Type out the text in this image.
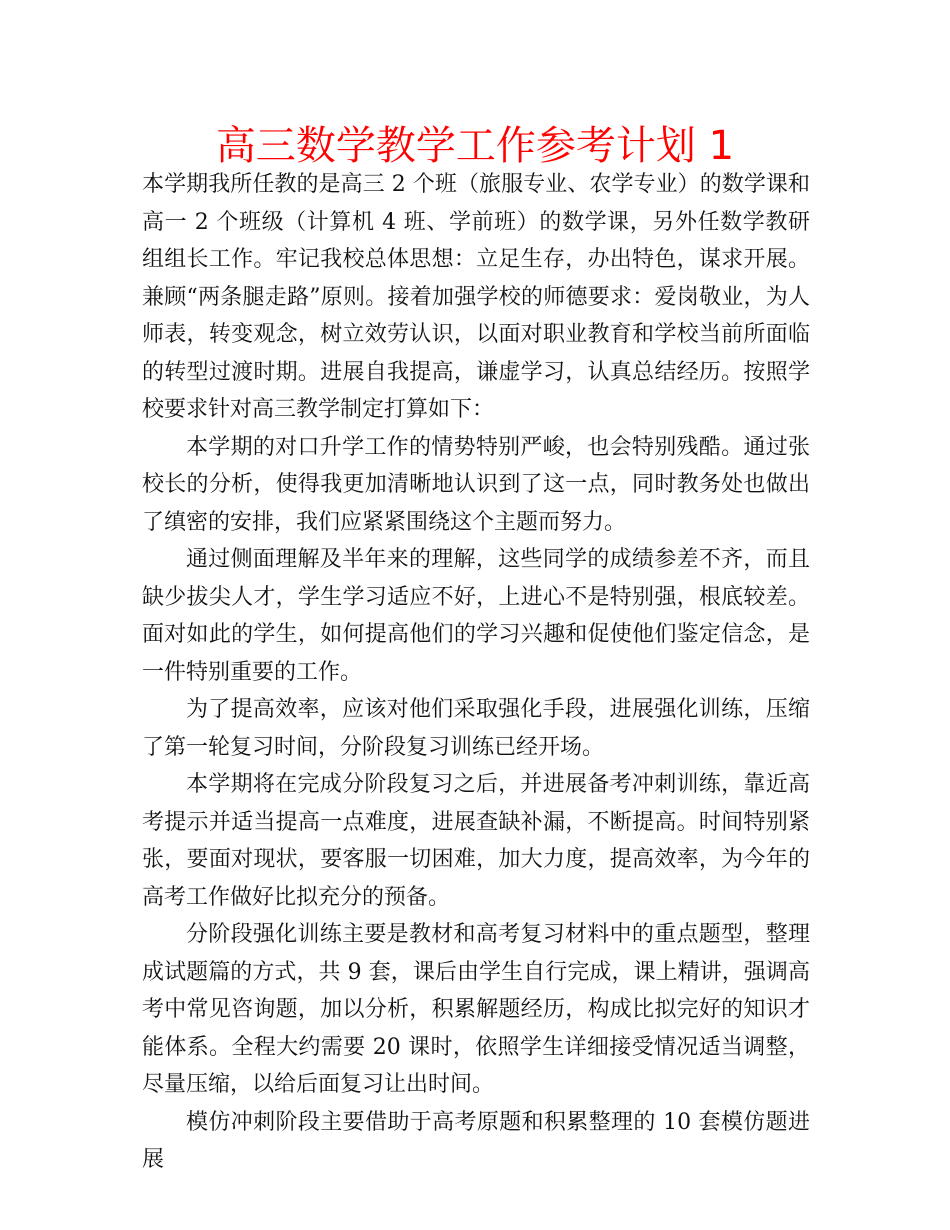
高三数学教学工作参考计划 1

本学期我所任教的是高三 2 个班（旅服专业、农学专业）的数学课和高一 2 个班级（计算机 4 班、学前班）的数学课，另外任数学教研组组长工作。牢记我校总体思想：立足生存，办出特色，谋求开展。兼顾“两条腿走路”原则。接着加强学校的师德要求：爱岗敬业，为人师表，转变观念，树立效劳认识，以面对职业教育和学校当前所面临的转型过渡时期。进展自我提高，谦虚学习，认真总结经历。按照学校要求针对高三教学制定打算如下：

本学期的对口升学工作的情势特别严峻，也会特别残酷。通过张校长的分析，使得我更加清晰地认识到了这一点，同时教务处也做出了缜密的安排，我们应紧紧围绕这个主题而努力。

通过侧面理解及半年来的理解，这些同学的成绩参差不齐，而且缺少拔尖人才，学生学习适应不好，上进心不是特别强，根底较差。面对如此的学生，如何提高他们的学习兴趣和促使他们鉴定信念，是一件特别重要的工作。

为了提高效率，应该对他们采取强化手段，进展强化训练，压缩了第一轮复习时间，分阶段复习训练已经开场。

本学期将在完成分阶段复习之后，并进展备考冲刺训练，靠近高考提示并适当提高一点难度，进展查缺补漏，不断提高。时间特别紧张，要面对现状，要客服一切困难，加大力度，提高效率，为今年的高考工作做好比拟充分的预备。

分阶段强化训练主要是教材和高考复习材料中的重点题型，整理成试题篇的方式，共 9 套，课后由学生自行完成，课上精讲，强调高考中常见咨询题，加以分析，积累解题经历，构成比拟完好的知识才能体系。全程大约需要 20 课时，依照学生详细接受情况适当调整，尽量压缩，以给后面复习让出时间。

模仿冲刺阶段主要借助于高考原题和积累整理的 10 套模仿题进展
